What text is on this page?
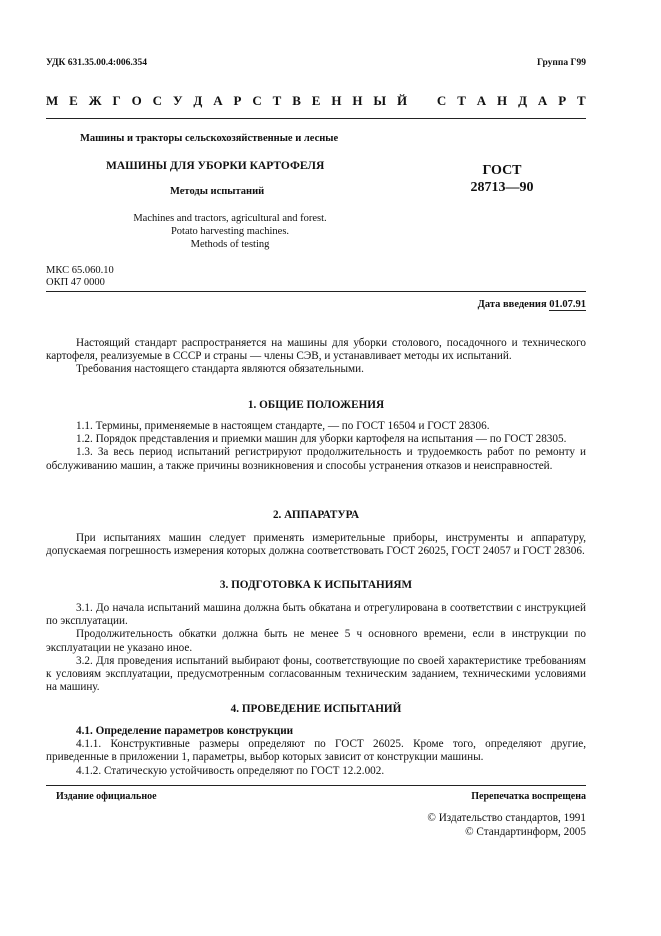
УДК 631.35.00.4:006.354	Группа Г99
М Е Ж Г О С У Д А Р С Т В Е Н Н Ы Й С Т А Н Д А Р Т
Машины и тракторы сельскохозяйственные и лесные
МАШИНЫ ДЛЯ УБОРКИ КАРТОФЕЛЯ
Методы испытаний
Machines and tractors, agricultural and forest.
Potato harvesting machines.
Methods of testing
ГОСТ
28713—90
МКС 65.060.10
ОКП 47 0000
Дата введения 01.07.91

Настоящий стандарт распространяется на машины для уборки столового, посадочного и технического картофеля, реализуемые в СССР и страны — члены СЭВ, и устанавливает методы их испытаний.

Требования настоящего стандарта являются обязательными.

1. ОБЩИЕ ПОЛОЖЕНИЯ

1.1. Термины, применяемые в настоящем стандарте, — по ГОСТ 16504 и ГОСТ 28306.

1.2. Порядок представления и приемки машин для уборки картофеля на испытания — по ГОСТ 28305.

1.3. За весь период испытаний регистрируют продолжительность и трудоемкость работ по ремонту и обслуживанию машин, а также причины возникновения и способы устранения отказов и неисправностей.

2. АППАРАТУРА

При испытаниях машин следует применять измерительные приборы, инструменты и аппаратуру, допускаемая погрешность измерения которых должна соответствовать ГОСТ 26025, ГОСТ 24057 и ГОСТ 28306.

3. ПОДГОТОВКА К ИСПЫТАНИЯМ

3.1. До начала испытаний машина должна быть обкатана и отрегулирована в соответствии с инструкцией по эксплуатации.

Продолжительность обкатки должна быть не менее 5 ч основного времени, если в инструкции по эксплуатации не указано иное.

3.2. Для проведения испытаний выбирают фоны, соответствующие по своей характеристике требованиям к условиям эксплуатации, предусмотренным согласованным техническим заданием, техническими условиями на машину.

4. ПРОВЕДЕНИЕ ИСПЫТАНИЙ

4.1. Определение параметров конструкции

4.1.1. Конструктивные размеры определяют по ГОСТ 26025. Кроме того, определяют другие, приведенные в приложении 1, параметры, выбор которых зависит от конструкции машины.

4.1.2. Статическую устойчивость определяют по ГОСТ 12.2.002.

Издание официальное	Перепечатка воспрещена
© Издательство стандартов, 1991
© Стандартинформ, 2005
